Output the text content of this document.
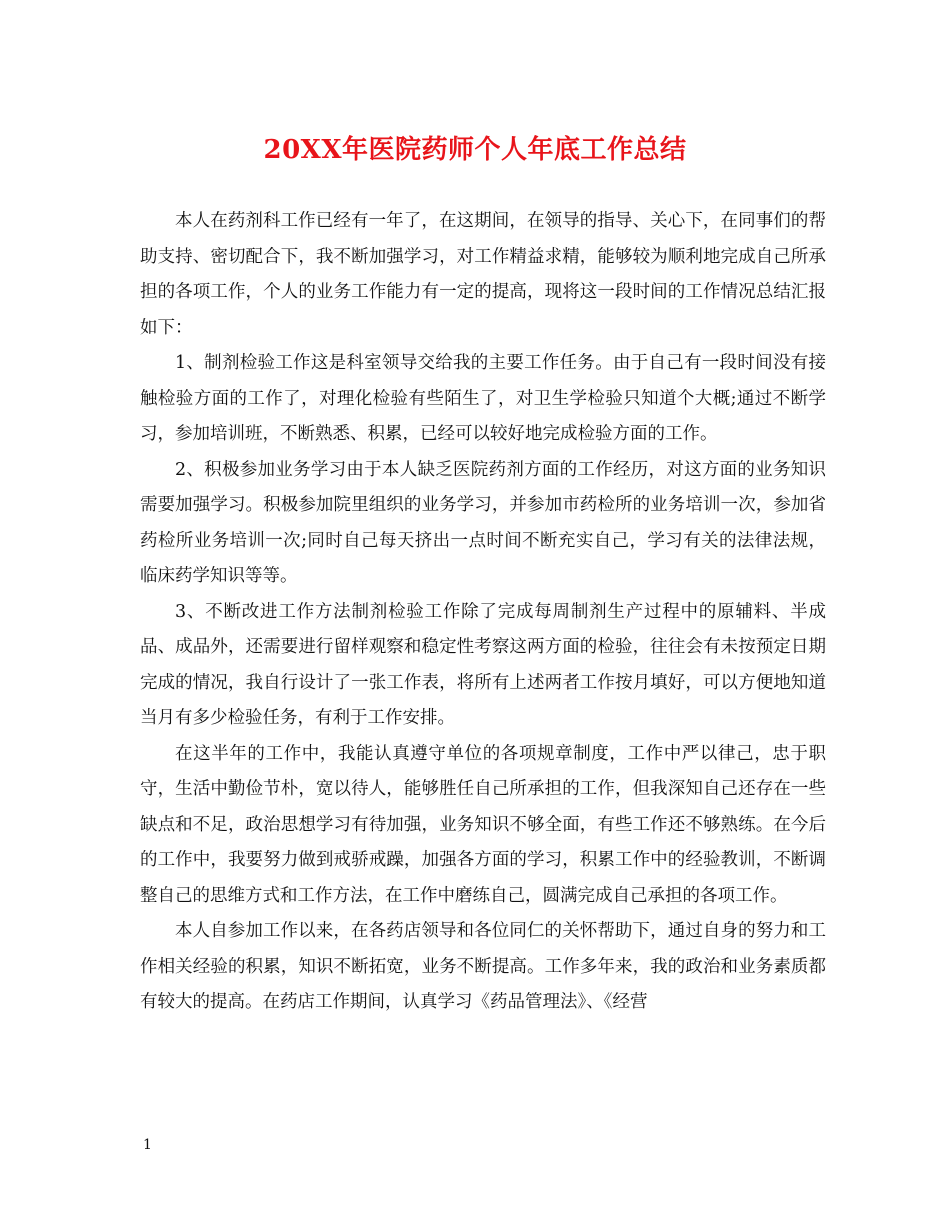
20XX年医院药师个人年底工作总结

本人在药剂科工作已经有一年了，在这期间，在领导的指导、关心下，在同事们的帮助支持、密切配合下，我不断加强学习，对工作精益求精，能够较为顺利地完成自己所承担的各项工作，个人的业务工作能力有一定的提高，现将这一段时间的工作情况总结汇报如下：

1、制剂检验工作这是科室领导交给我的主要工作任务。由于自己有一段时间没有接触检验方面的工作了，对理化检验有些陌生了，对卫生学检验只知道个大概;通过不断学习，参加培训班，不断熟悉、积累，已经可以较好地完成检验方面的工作。

2、积极参加业务学习由于本人缺乏医院药剂方面的工作经历，对这方面的业务知识需要加强学习。积极参加院里组织的业务学习，并参加市药检所的业务培训一次，参加省药检所业务培训一次;同时自己每天挤出一点时间不断充实自己，学习有关的法律法规，临床药学知识等等。

3、不断改进工作方法制剂检验工作除了完成每周制剂生产过程中的原辅料、半成品、成品外，还需要进行留样观察和稳定性考察这两方面的检验，往往会有未按预定日期完成的情况，我自行设计了一张工作表，将所有上述两者工作按月填好，可以方便地知道当月有多少检验任务，有利于工作安排。

在这半年的工作中，我能认真遵守单位的各项规章制度，工作中严以律己，忠于职守，生活中勤俭节朴，宽以待人，能够胜任自己所承担的工作，但我深知自己还存在一些缺点和不足，政治思想学习有待加强，业务知识不够全面，有些工作还不够熟练。在今后的工作中，我要努力做到戒骄戒躁，加强各方面的学习，积累工作中的经验教训，不断调整自己的思维方式和工作方法，在工作中磨练自己，圆满完成自己承担的各项工作。

本人自参加工作以来，在各药店领导和各位同仁的关怀帮助下，通过自身的努力和工作相关经验的积累，知识不断拓宽，业务不断提高。工作多年来，我的政治和业务素质都有较大的提高。在药店工作期间，认真学习《药品管理法》、《经营

1
